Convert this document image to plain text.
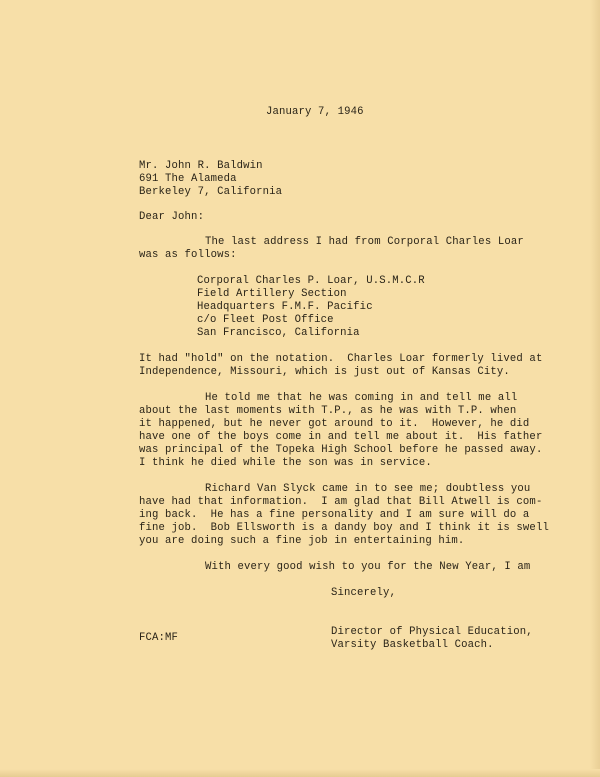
January 7, 1946
Mr. John R. Baldwin
691 The Alameda
Berkeley 7, California
Dear John:
The last address I had from Corporal Charles Loar
was as follows:
Corporal Charles P. Loar, U.S.M.C.R
Field Artillery Section
Headquarters F.M.F. Pacific
c/o Fleet Post Office
San Francisco, California
It had "hold" on the notation.  Charles Loar formerly lived at
Independence, Missouri, which is just out of Kansas City.
He told me that he was coming in and tell me all
about the last moments with T.P., as he was with T.P. when
it happened, but he never got around to it.  However, he did
have one of the boys come in and tell me about it.  His father
was principal of the Topeka High School before he passed away.
I think he died while the son was in service.
Richard Van Slyck came in to see me; doubtless you
have had that information.  I am glad that Bill Atwell is com-
ing back.  He has a fine personality and I am sure will do a
fine job.  Bob Ellsworth is a dandy boy and I think it is swell
you are doing such a fine job in entertaining him.
With every good wish to you for the New Year, I am
Sincerely,
Director of Physical Education,
Varsity Basketball Coach.
FCA:MF
